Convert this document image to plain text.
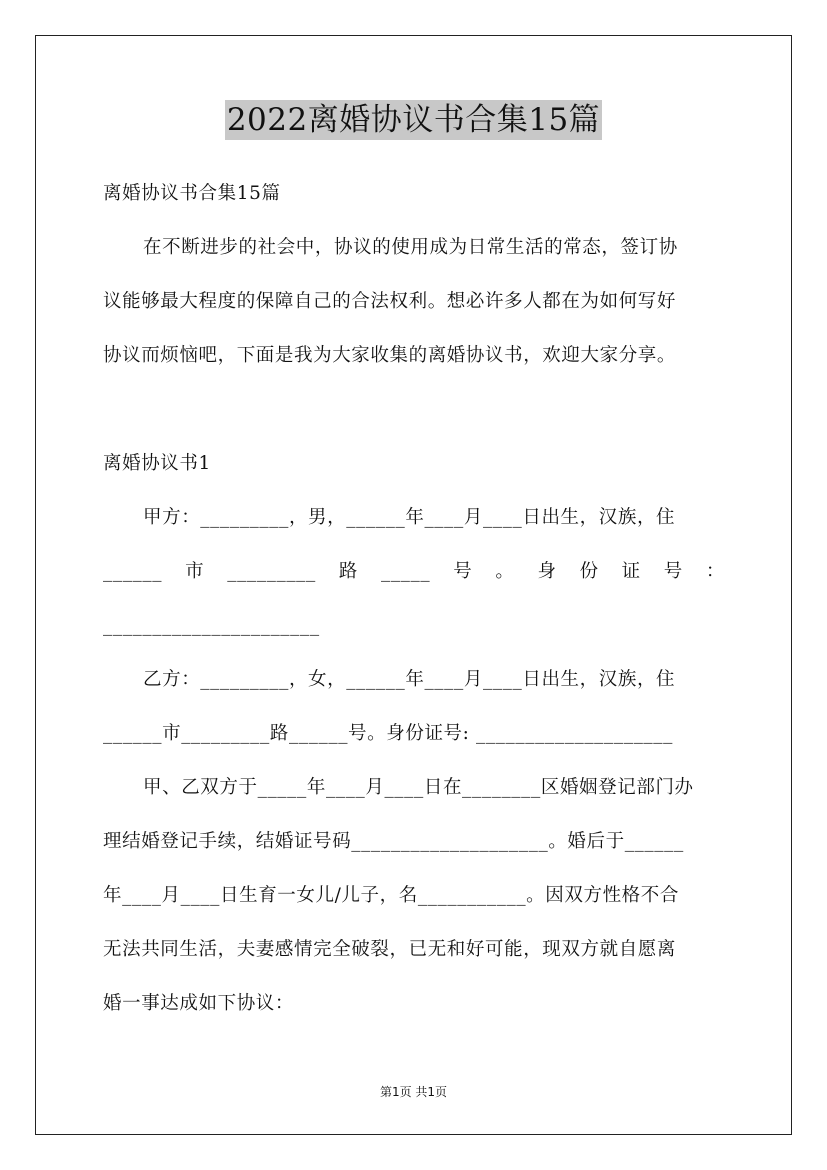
2022离婚协议书合集15篇
离婚协议书合集15篇
在不断进步的社会中，协议的使用成为日常生活的常态，签订协
议能够最大程度的保障自己的合法权利。想必许多人都在为如何写好
协议而烦恼吧，下面是我为大家收集的离婚协议书，欢迎大家分享。
离婚协议书1
甲方：_________，男，______年____月____日出生，汉族，住
______ 市 _________ 路 _____ 号 。 身 份 证 号 ：
______________________
乙方：_________，女，______年____月____日出生，汉族，住
______市_________路______号。身份证号: ____________________
甲、乙双方于_____年____月____日在________区婚姻登记部门办
理结婚登记手续，结婚证号码____________________。婚后于______
年____月____日生育一女儿/儿子，名___________。因双方性格不合
无法共同生活，夫妻感情完全破裂，已无和好可能，现双方就自愿离
婚一事达成如下协议：
第1页 共1页
